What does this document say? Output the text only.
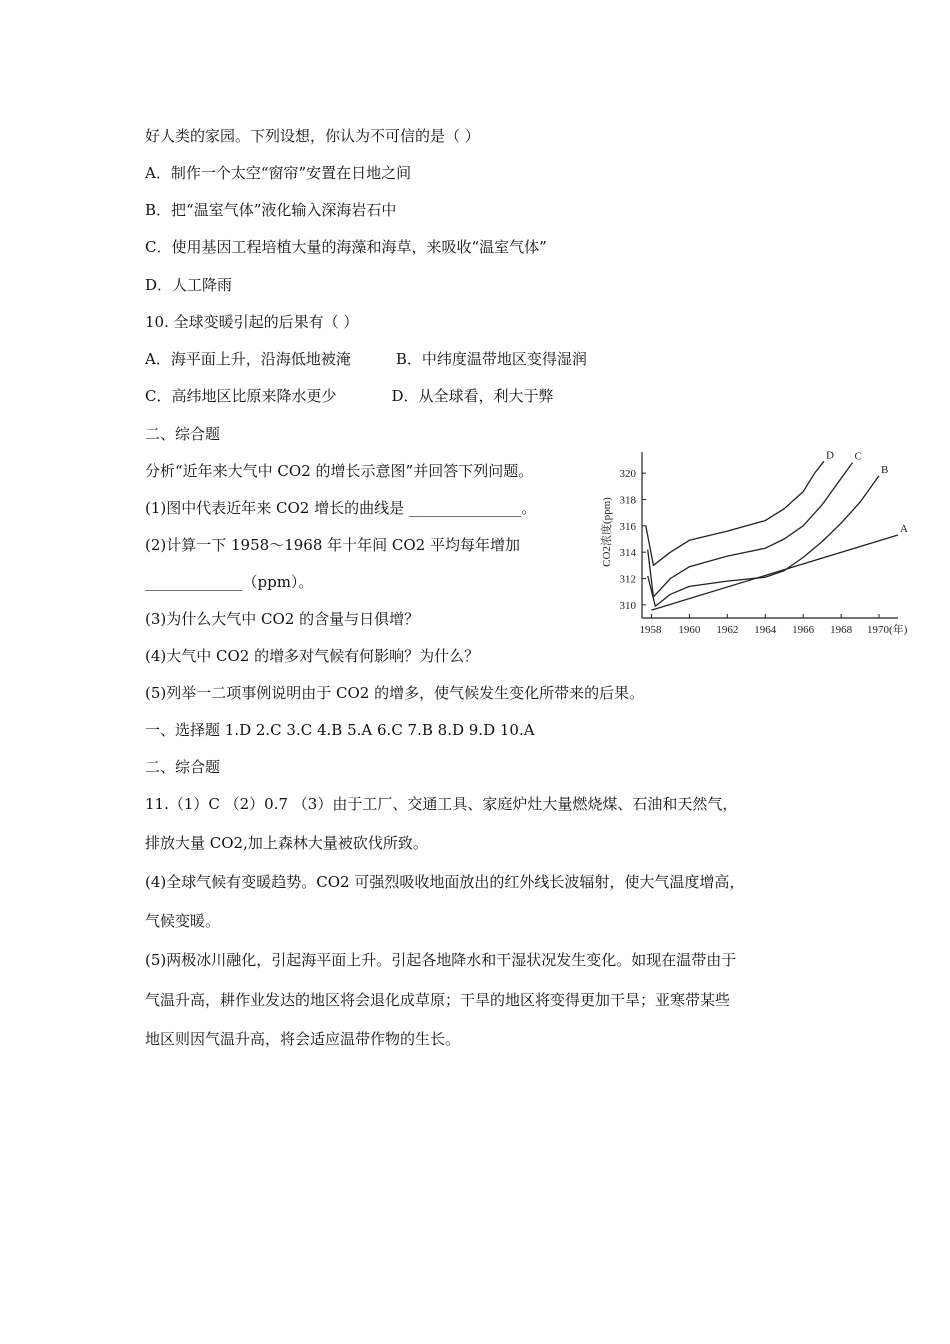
好人类的家园。下列设想，你认为不可信的是（ ）
A．制作一个太空“窗帘”安置在日地之间
B．把“温室气体”液化输入深海岩石中
C．使用基因工程培植大量的海藻和海草，来吸收“温室气体”
D．人工降雨
10. 全球变暖引起的后果有（ ）
A．海平面上升，沿海低地被淹	B．中纬度温带地区变得湿润
C．高纬地区比原来降水更少	D．从全球看，利大于弊
二、综合题
分析“近年来大气中 CO2 的增长示意图”并回答下列问题。
(1)图中代表近年来 CO2 增长的曲线是 _______________。
(2)计算一下 1958～1968 年十年间 CO2 平均每年增加
_____________（ppm）。
(3)为什么大气中 CO2 的含量与日俱增？
(4)大气中 CO2 的增多对气候有何影响？为什么？
(5)列举一二项事例说明由于 CO2 的增多，使气候发生变化所带来的后果。
一、选择题 1.D 2.C 3.C 4.B 5.A 6.C 7.B 8.D 9.D 10.A
二、综合题
11.（1）C （2）0.7 （3）由于工厂、交通工具、家庭炉灶大量燃烧煤、石油和天然气，
排放大量 CO2,加上森林大量被砍伐所致。
(4)全球气候有变暖趋势。CO2 可强烈吸收地面放出的红外线长波辐射，使大气温度增高，
气候变暖。
(5)两极冰川融化，引起海平面上升。引起各地降水和干湿状况发生变化。如现在温带由于
气温升高，耕作业发达的地区将会退化成草原；干旱的地区将变得更加干旱；亚寒带某些
地区则因气温升高，将会适应温带作物的生长。
CO2浓度(ppm)
1958 1960 1962 1964 1966 1968 1970(年)
310
312
314
316
318
320
A
B
C
D
